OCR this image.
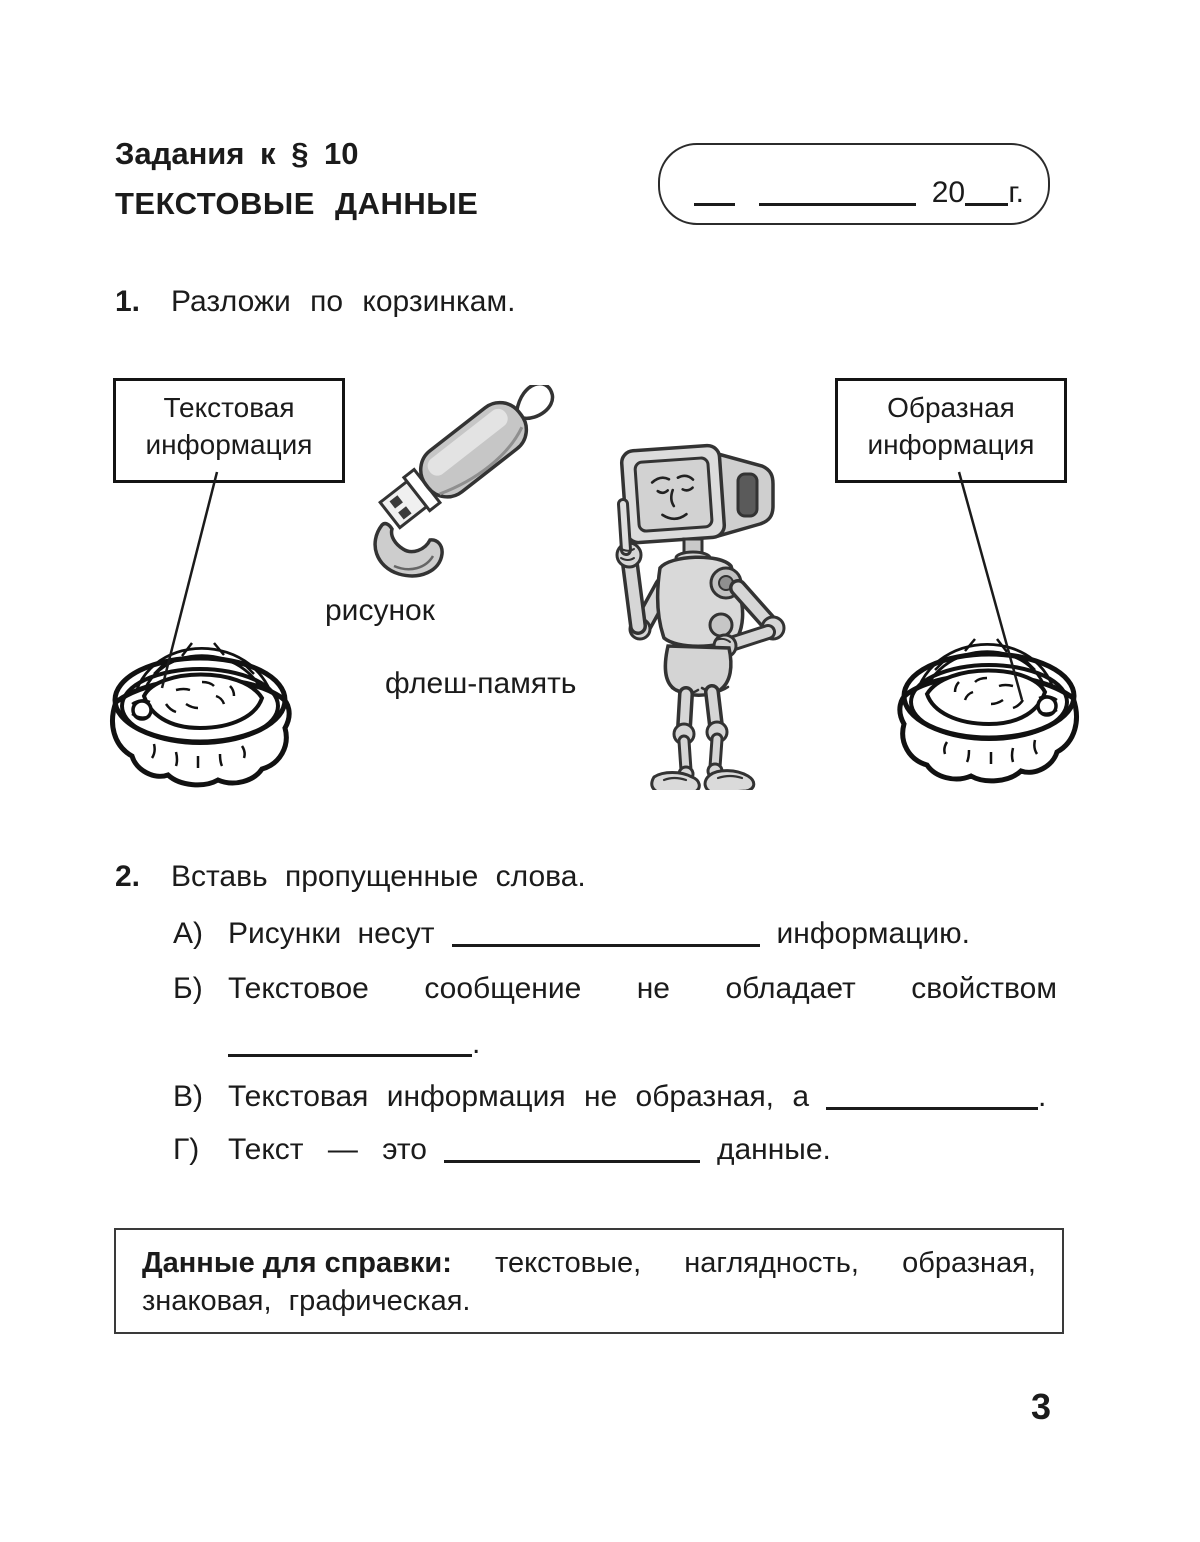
Задания к § 10
ТЕКСТОВЫЕ ДАННЫЕ	20 г.
1. Разложи по корзинкам.
Текстовая
информация
Образная
информация
рисунок
флеш-память
2. Вставь пропущенные слова.
А) Рисунки несут	информацию.
Б) Текстовое сообщение не обладает свойством
.
В) Текстовая информация не образная, а	.
Г) Текст — это	данные.
Данные для справки: текстовые, наглядность, образная,
знаковая, графическая.
3
